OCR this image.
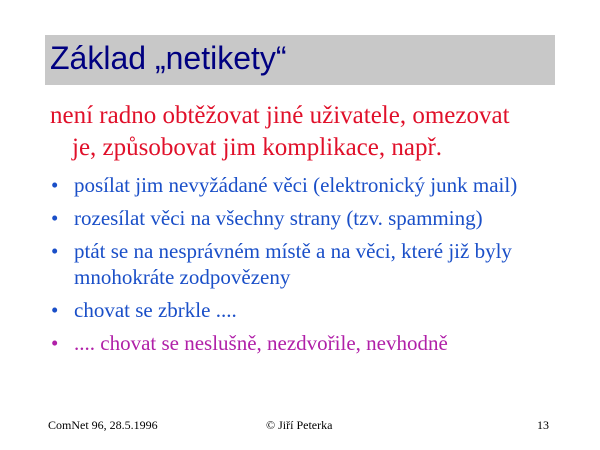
Základ „netikety“
není radno obtěžovat jiné uživatele, omezovat
je, způsobovat jim komplikace, např.
• posílat jim nevyžádané věci (elektronický junk mail)
• rozesílat věci na všechny strany (tzv. spamming)
• ptát se na nesprávném místě a na věci, které již byly mnohokráte zodpovězeny
• chovat se zbrkle ....
• .... chovat se neslušně, nezdvořile, nevhodně
ComNet 96, 28.5.1996	© Jiří Peterka	13
